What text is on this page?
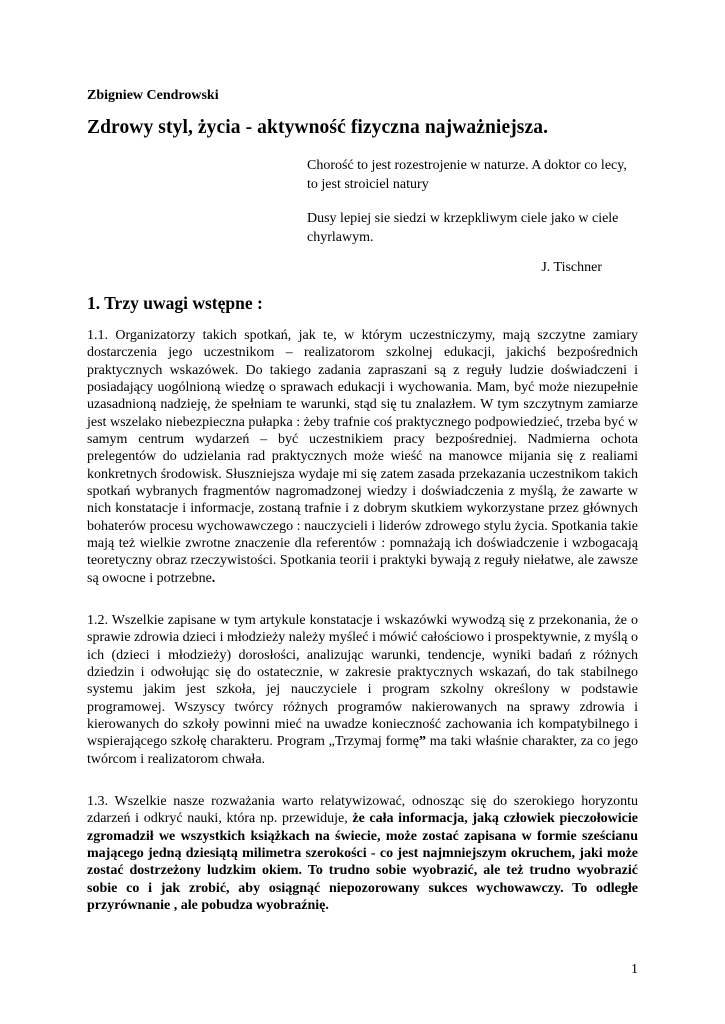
Zbigniew Cendrowski
Zdrowy styl, życia - aktywność fizyczna najważniejsza.
Chorość to jest rozestrojenie w naturze. A doktor co lecy, to jest stroiciel natury
Dusy lepiej sie siedzi w krzepkliwym ciele jako w ciele chyrlawym.
J. Tischner
1. Trzy uwagi wstępne :

1.1. Organizatorzy takich spotkań, jak te, w którym uczestniczymy, mają szczytne zamiary dostarczenia jego uczestnikom – realizatorom szkolnej edukacji, jakichś bezpośrednich praktycznych wskazówek. Do takiego zadania zapraszani są z reguły ludzie doświadczeni i posiadający uogólnioną wiedzę o sprawach edukacji i wychowania. Mam, być może niezupełnie uzasadnioną nadzieję, że spełniam te warunki, stąd się tu znalazłem. W tym szczytnym zamiarze jest wszelako niebezpieczna pułapka : żeby trafnie coś praktycznego podpowiedzieć, trzeba być w samym centrum wydarzeń – być uczestnikiem pracy bezpośredniej. Nadmierna ochota prelegentów do udzielania rad praktycznych może wieść na manowce mijania się z realiami konkretnych środowisk. Słuszniejsza wydaje mi się zatem zasada przekazania uczestnikom takich spotkań wybranych fragmentów nagromadzonej wiedzy i doświadczenia z myślą, że zawarte w nich konstatacje i informacje, zostaną trafnie i z dobrym skutkiem wykorzystane przez głównych bohaterów procesu wychowawczego : nauczycieli i liderów zdrowego stylu życia. Spotkania takie mają też wielkie zwrotne znaczenie dla referentów : pomnażają ich doświadczenie i wzbogacają teoretyczny obraz rzeczywistości. Spotkania teorii i praktyki bywają z reguły niełatwe, ale zawsze są owocne i potrzebne.

1.2. Wszelkie zapisane w tym artykule konstatacje i wskazówki wywodzą się z przekonania, że o sprawie zdrowia dzieci i młodzieży należy myśleć i mówić całościowo i prospektywnie, z myślą o ich (dzieci i młodzieży) dorosłości, analizując warunki, tendencje, wyniki badań z różnych dziedzin i odwołując się do ostatecznie, w zakresie praktycznych wskazań, do tak stabilnego systemu jakim jest szkoła, jej nauczyciele i program szkolny określony w podstawie programowej. Wszyscy twórcy różnych programów nakierowanych na sprawy zdrowia i kierowanych do szkoły powinni mieć na uwadze konieczność zachowania ich kompatybilnego i wspierającego szkołę charakteru. Program „Trzymaj formę” ma taki właśnie charakter, za co jego twórcom i realizatorom chwała.

1.3. Wszelkie nasze rozważania warto relatywizować, odnosząc się do szerokiego horyzontu zdarzeń i odkryć nauki, która np. przewiduje, że cała informacja, jaką człowiek pieczołowicie zgromadził we wszystkich książkach na świecie, może zostać zapisana w formie sześcianu mającego jedną dziesiątą milimetra szerokości - co jest najmniejszym okruchem, jaki może zostać dostrzeżony ludzkim okiem. To trudno sobie wyobrazić, ale też trudno wyobrazić sobie co i jak zrobić, aby osiągnąć niepozorowany sukces wychowawczy. To odległe przyrównanie , ale pobudza wyobraźnię.

1
